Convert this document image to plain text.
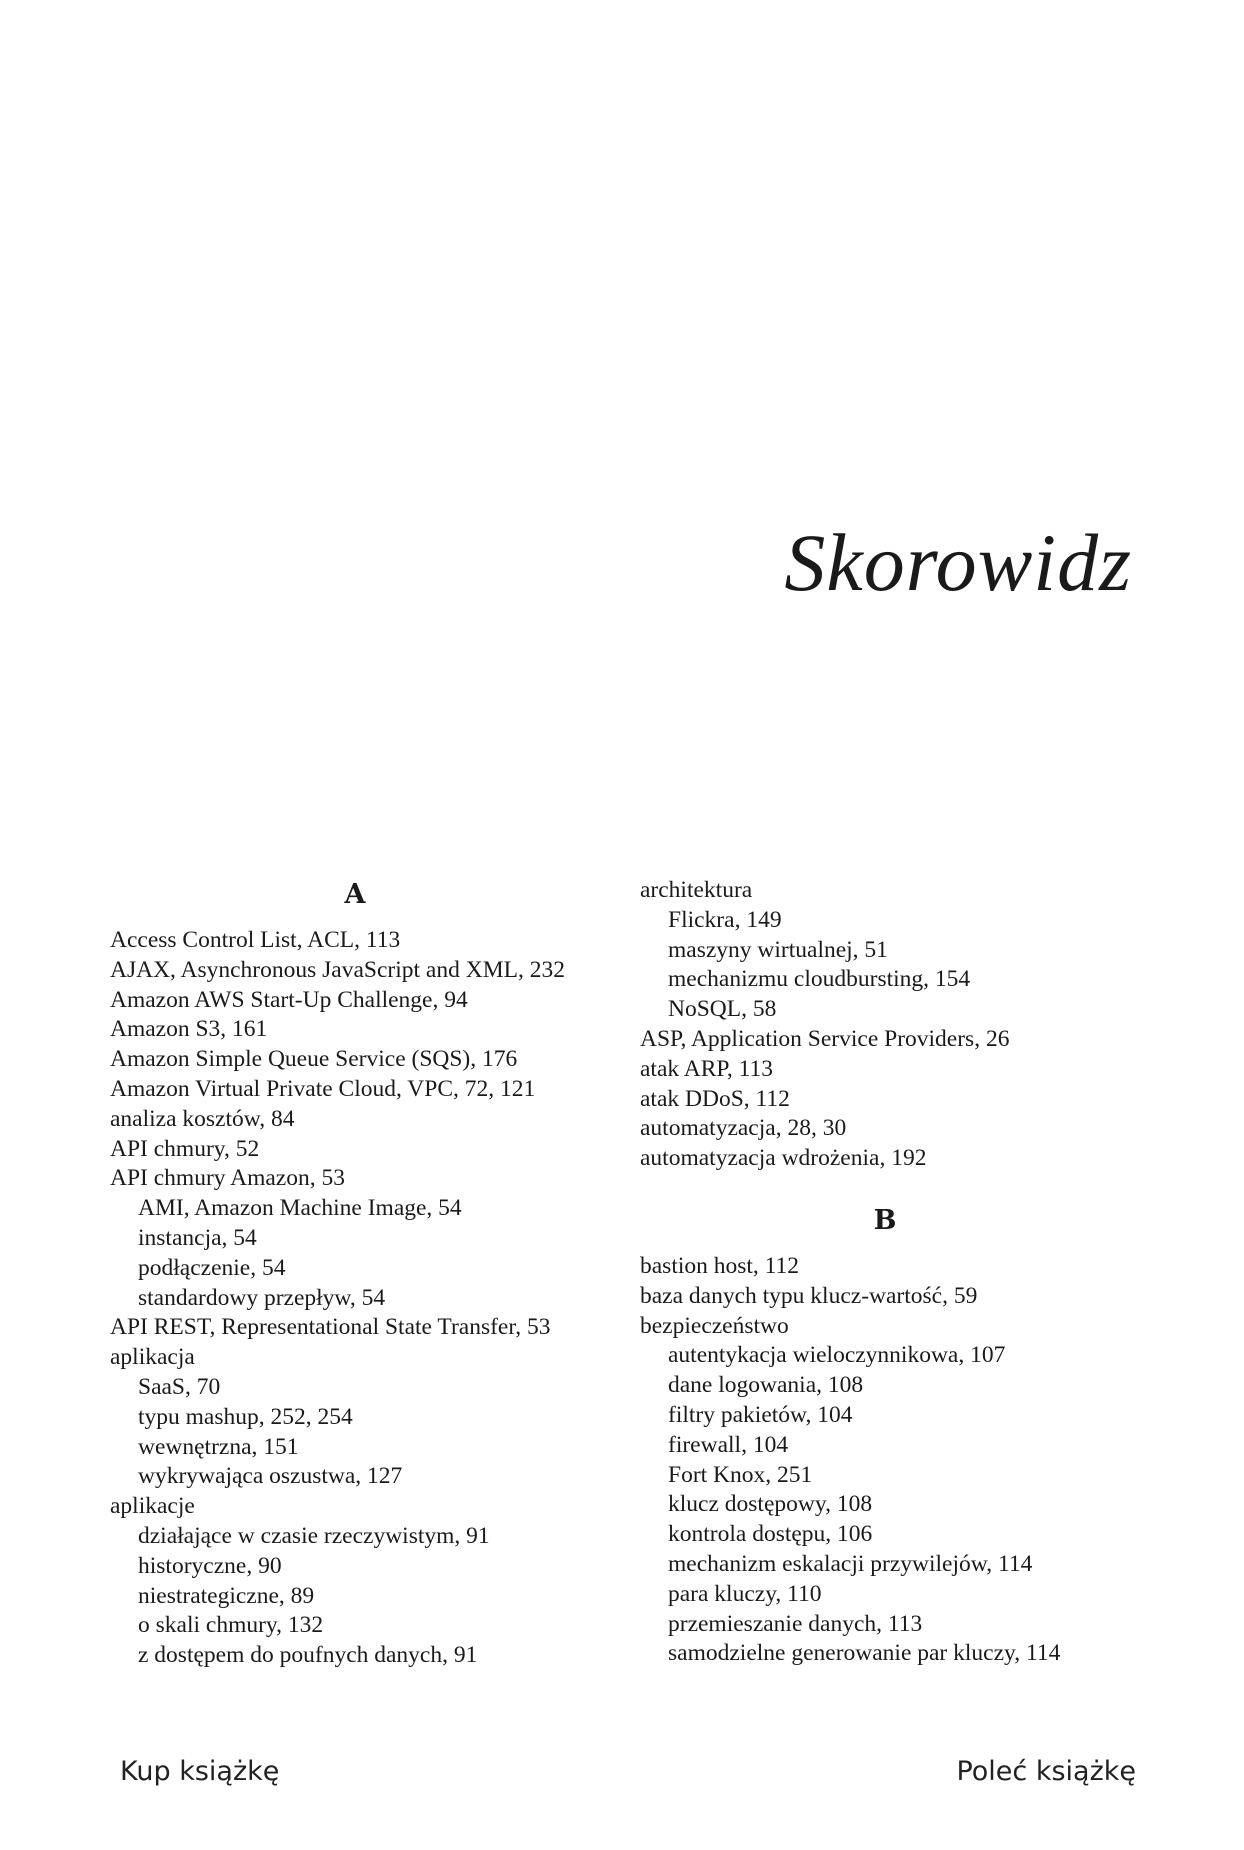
Skorowidz
A
Access Control List, ACL, 113
AJAX, Asynchronous JavaScript and XML, 232
Amazon AWS Start-Up Challenge, 94
Amazon S3, 161
Amazon Simple Queue Service (SQS), 176
Amazon Virtual Private Cloud, VPC, 72, 121
analiza kosztów, 84
API chmury, 52
API chmury Amazon, 53
AMI, Amazon Machine Image, 54
instancja, 54
podłączenie, 54
standardowy przepływ, 54
API REST, Representational State Transfer, 53
aplikacja
SaaS, 70
typu mashup, 252, 254
wewnętrzna, 151
wykrywająca oszustwa, 127
aplikacje
działające w czasie rzeczywistym, 91
historyczne, 90
niestrategiczne, 89
o skali chmury, 132
z dostępem do poufnych danych, 91
architektura
Flickra, 149
maszyny wirtualnej, 51
mechanizmu cloudbursting, 154
NoSQL, 58
ASP, Application Service Providers, 26
atak ARP, 113
atak DDoS, 112
automatyzacja, 28, 30
automatyzacja wdrożenia, 192
B
bastion host, 112
baza danych typu klucz-wartość, 59
bezpieczeństwo
autentykacja wieloczynnikowa, 107
dane logowania, 108
filtry pakietów, 104
firewall, 104
Fort Knox, 251
klucz dostępowy, 108
kontrola dostępu, 106
mechanizm eskalacji przywilejów, 114
para kluczy, 110
przemieszanie danych, 113
samodzielne generowanie par kluczy, 114
Kup książkę	Poleć książkę
